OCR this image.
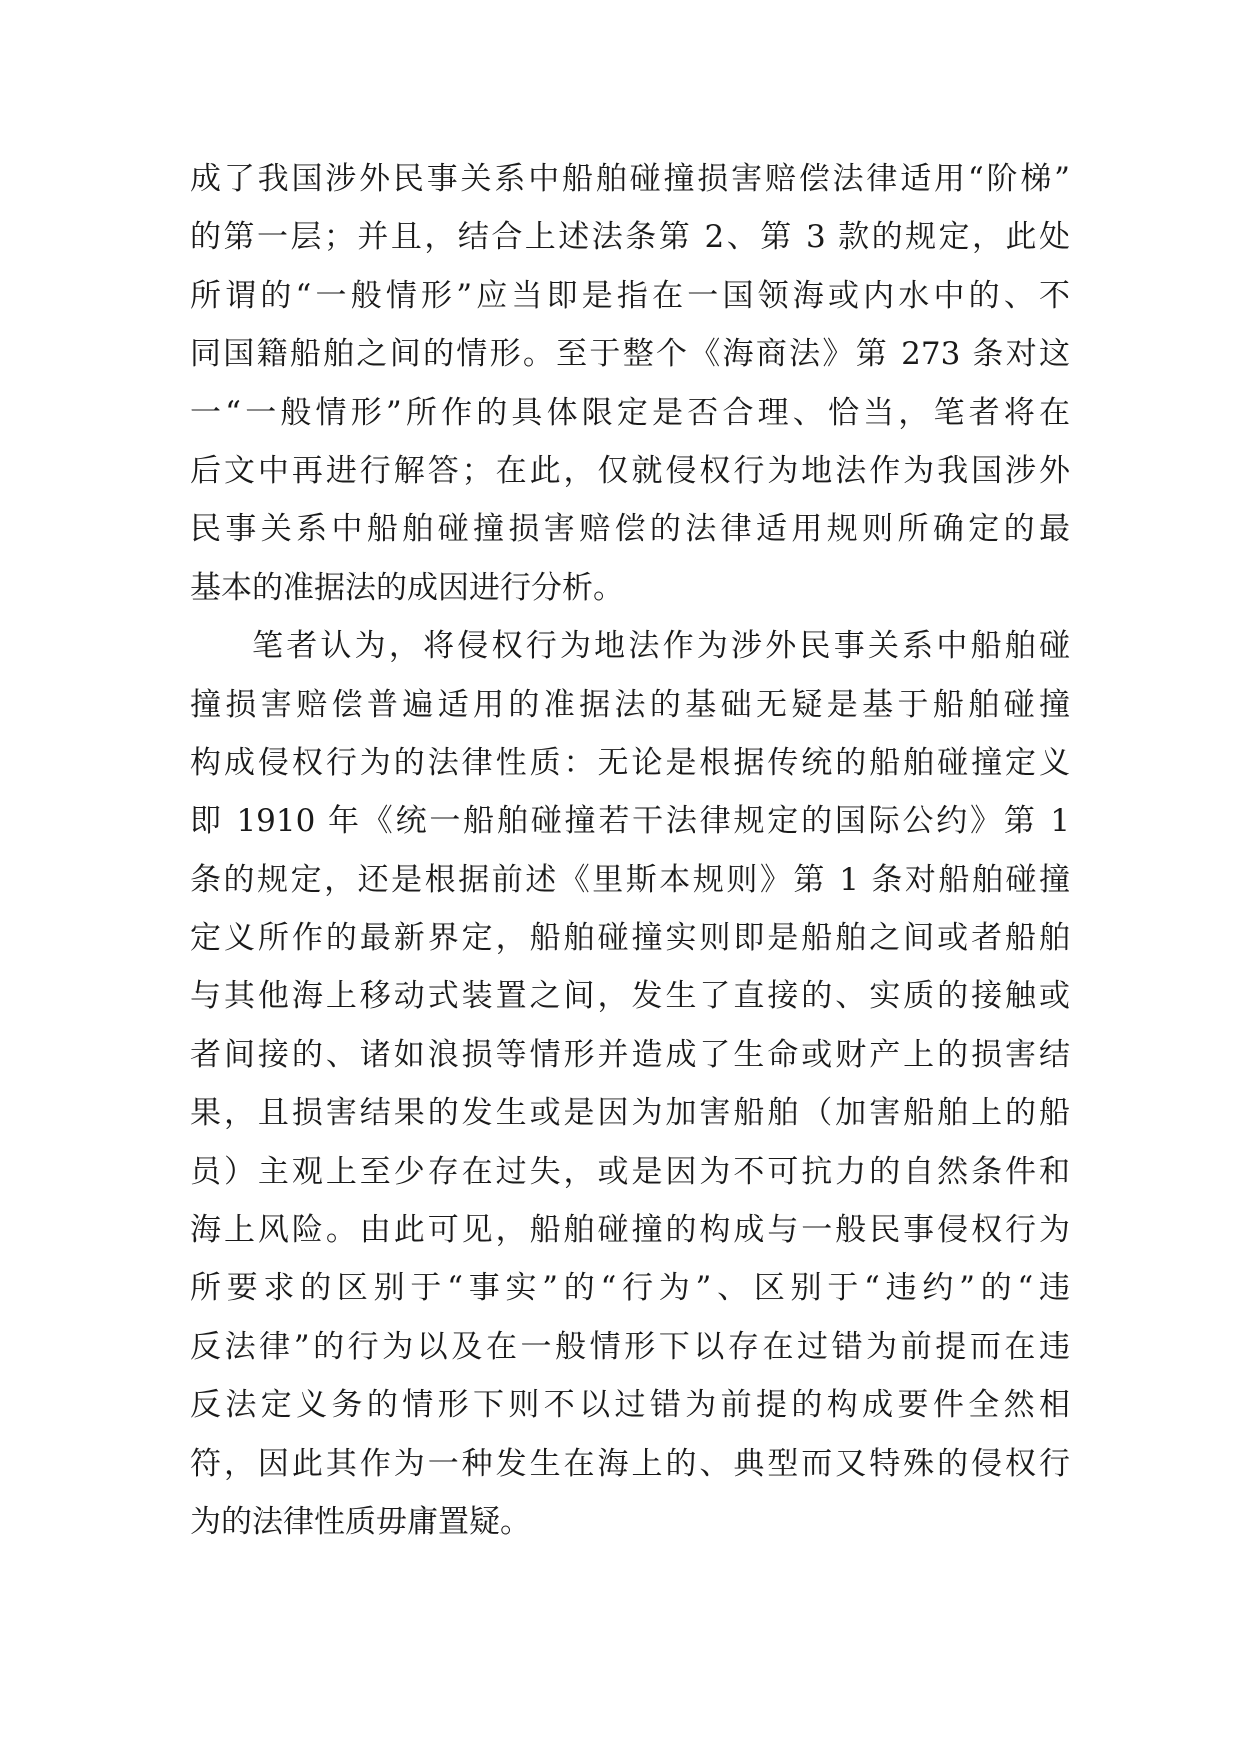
成了我国涉外民事关系中船舶碰撞损害赔偿法律适用“阶梯”
的第一层；并且，结合上述法条第 2、第 3 款的规定，此处
所谓的“一般情形”应当即是指在一国领海或内水中的、不
同国籍船舶之间的情形。至于整个《海商法》第 273 条对这
一“一般情形”所作的具体限定是否合理、恰当，笔者将在
后文中再进行解答；在此，仅就侵权行为地法作为我国涉外
民事关系中船舶碰撞损害赔偿的法律适用规则所确定的最
基本的准据法的成因进行分析。
笔者认为，将侵权行为地法作为涉外民事关系中船舶碰
撞损害赔偿普遍适用的准据法的基础无疑是基于船舶碰撞
构成侵权行为的法律性质：无论是根据传统的船舶碰撞定义
即 1910 年《统一船舶碰撞若干法律规定的国际公约》第 1
条的规定，还是根据前述《里斯本规则》第 1 条对船舶碰撞
定义所作的最新界定，船舶碰撞实则即是船舶之间或者船舶
与其他海上移动式装置之间，发生了直接的、实质的接触或
者间接的、诸如浪损等情形并造成了生命或财产上的损害结
果，且损害结果的发生或是因为加害船舶（加害船舶上的船
员）主观上至少存在过失，或是因为不可抗力的自然条件和
海上风险。由此可见，船舶碰撞的构成与一般民事侵权行为
所要求的区别于“事实”的“行为”、区别于“违约”的“违
反法律”的行为以及在一般情形下以存在过错为前提而在违
反法定义务的情形下则不以过错为前提的构成要件全然相
符，因此其作为一种发生在海上的、典型而又特殊的侵权行
为的法律性质毋庸置疑。
